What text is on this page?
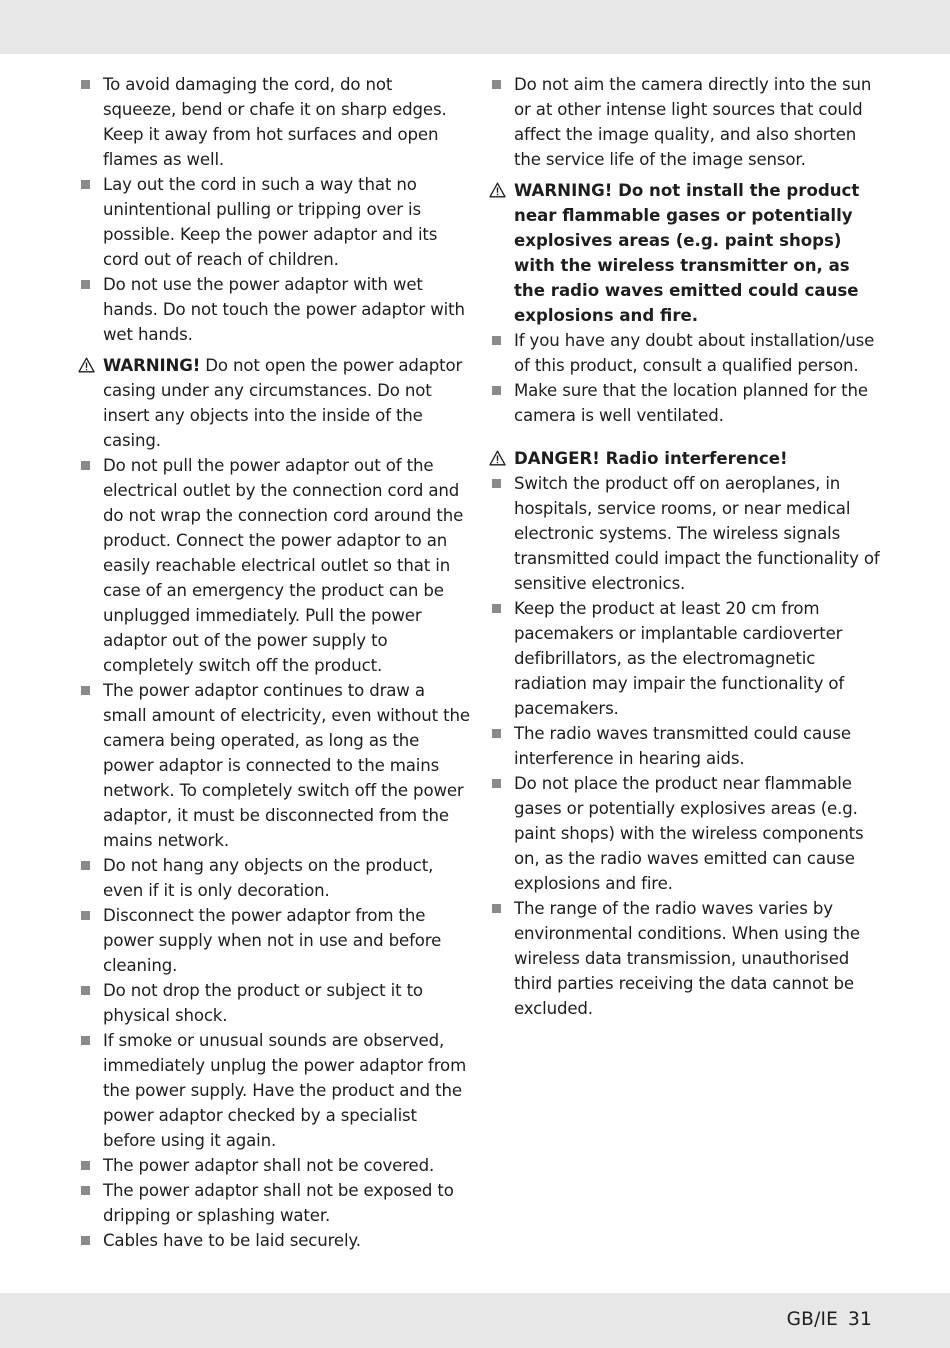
To avoid damaging the cord, do not squeeze, bend or chafe it on sharp edges. Keep it away from hot surfaces and open flames as well.
Lay out the cord in such a way that no unintentional pulling or tripping over is possible. Keep the power adaptor and its cord out of reach of children.
Do not use the power adaptor with wet hands. Do not touch the power adaptor with wet hands.
WARNING! Do not open the power adaptor casing under any circumstances. Do not insert any objects into the inside of the casing.
Do not pull the power adaptor out of the electrical outlet by the connection cord and do not wrap the connection cord around the product. Connect the power adaptor to an easily reachable electrical outlet so that in case of an emergency the product can be unplugged immediately. Pull the power adaptor out of the power supply to completely switch off the product.
The power adaptor continues to draw a small amount of electricity, even without the camera being operated, as long as the power adaptor is connected to the mains network. To completely switch off the power adaptor, it must be disconnected from the mains network.
Do not hang any objects on the product, even if it is only decoration.
Disconnect the power adaptor from the power supply when not in use and before cleaning.
Do not drop the product or subject it to physical shock.
If smoke or unusual sounds are observed, immediately unplug the power adaptor from the power supply. Have the product and the power adaptor checked by a specialist before using it again.
The power adaptor shall not be covered.
The power adaptor shall not be exposed to dripping or splashing water.
Cables have to be laid securely.
Do not aim the camera directly into the sun or at other intense light sources that could affect the image quality, and also shorten the service life of the image sensor.
WARNING! Do not install the product near flammable gases or potentially explosives areas (e.g. paint shops) with the wireless transmitter on, as the radio waves emitted could cause explosions and fire.
If you have any doubt about installation/use of this product, consult a qualified person.
Make sure that the location planned for the camera is well ventilated.
DANGER! Radio interference!
Switch the product off on aeroplanes, in hospitals, service rooms, or near medical electronic systems. The wireless signals transmitted could impact the functionality of sensitive electronics.
Keep the product at least 20 cm from pacemakers or implantable cardioverter defibrillators, as the electromagnetic radiation may impair the functionality of pacemakers.
The radio waves transmitted could cause interference in hearing aids.
Do not place the product near flammable gases or potentially explosives areas (e.g. paint shops) with the wireless components on, as the radio waves emitted can cause explosions and fire.
The range of the radio waves varies by environmental conditions. When using the wireless data transmission, unauthorised third parties receiving the data cannot be excluded.
GB/IE 31
